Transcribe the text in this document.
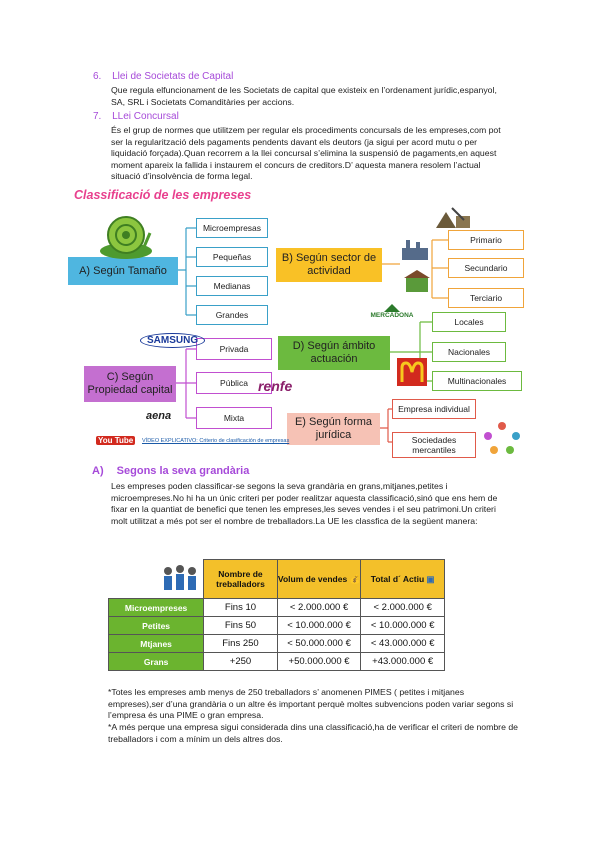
6. Llei de Societats de Capital
Que regula elfuncionament de les Societats de capital que existeix en l’ordenament jurídic,espanyol, SA, SRL i Societats Comanditàries per accions.
7. LLei Concursal
És el grup de normes que utilitzem per regular els procediments concursals de les empreses,com pot ser la regularització dels pagaments pendents davant els deutors (ja sigui per acord mutu o per liquidació forçada).Quan recorrem a la llei concursal s’elimina la suspensió de pagaments,en aquest moment apareix la fallida i instaurem el concurs de creditors.D’ aquesta manera resolem l’actual situació d’insolvència de forma legal.
Classificació de les empreses
A) Según Tamaño
Microempresas
Pequeñas
Medianas
Grandes
B) Según sector de actividad
Primario
Secundario
Terciario
D) Según ámbito actuación
Locales
Nacionales
Multinacionales
MERCADONA
C) Según Propiedad capital
Privada
Pública
Mixta
SAMSUNG
renfe
aena	E) Según forma jurídica
Empresa individual
Sociedades mercantiles
You Tube	VÍDEO EXPLICATIVO: Criterio de clasificación de empresas
A) Segons la seva grandària
Les empreses poden classificar-se segons la seva grandària en grans,mitjanes,petites i microempreses.No hi ha un únic criteri per poder realitzar aquesta classificació,sinó que ens hem de fixar en la quantiat de benefici que tenen les empreses,les seves vendes i el seu patrimoni.Un criteri molt utilitzat a més pot ser el nombre de treballadors.La UE les classfica de la següent manera:
	Nombre de treballadors	Volum de vendes 💰	Total d´ Actiu ▣
Microempreses	Fins 10	< 2.000.000 €	< 2.000.000 €
Petites	Fins 50	< 10.000.000 €	< 10.000.000 €
Mtjanes	Fins 250	< 50.000.000 €	< 43.000.000 €
Grans	+250	+50.000.000 €	+43.000.000 €
*Totes les empreses amb menys de 250 treballadors s’ anomenen PIMES ( petites i mitjanes empreses),ser d’una grandària o un altre és important perquè moltes subvencions poden variar segons si l’empresa és una PIME o gran empresa.
*A més perque una empresa sigui considerada dins una classificació,ha de verificar el criteri de nombre de treballadors i com a mínim un dels altres dos.
